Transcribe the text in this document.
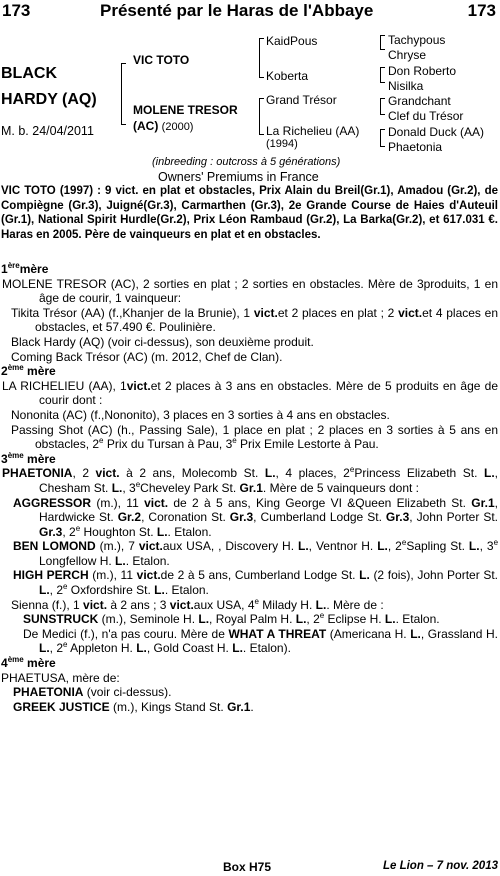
173	Présenté par le Haras de l'Abbaye	173
BLACK
HARDY (AQ)
M. b. 24/04/2011
VIC TOTO
MOLENE TRESOR
(AC) (2000)
KaidPous
Koberta
Grand Trésor
La Richelieu (AA)
(1994)
Tachypous
Chryse
Don Roberto
Nisilka
Grandchant
Clef du Trésor
Donald Duck (AA)
Phaetonia
(inbreeding : outcross à 5 générations)
Owners' Premiums in France
VIC TOTO (1997) : 9 vict. en plat et obstacles, Prix Alain du Breil(Gr.1), Amadou (Gr.2), de Compiègne (Gr.3), Juigné(Gr.3), Carmarthen (Gr.3), 2e Grande Course de Haies d'Auteuil (Gr.1), National Spirit Hurdle(Gr.2), Prix Léon Rambaud (Gr.2), La Barka(Gr.2), et 617.031 €. Haras en 2005. Père de vainqueurs en plat et en obstacles.

1èremère

MOLENE TRESOR (AC), 2 sorties en plat ; 2 sorties en obstacles. Mère de 3produits, 1 en âge de courir, 1 vainqueur:

Tikita Trésor (AA) (f.,Khanjer de la Brunie), 1 vict.et 2 places en plat ; 2 vict.et 4 places en obstacles, et 57.490 €. Poulinière.

Black Hardy (AQ) (voir ci-dessus), son deuxième produit.

Coming Back Trésor (AC) (m. 2012, Chef de Clan).

2ème mère

LA RICHELIEU (AA), 1vict.et 2 places à 3 ans en obstacles. Mère de 5 produits en âge de courir dont :

Nononita (AC) (f.,Nononito), 3 places en 3 sorties à 4 ans en obstacles.

Passing Shot (AC) (h., Passing Sale), 1 place en plat ; 2 places en 3 sorties à 5 ans en obstacles, 2e Prix du Tursan à Pau, 3e Prix Emile Lestorte à Pau.

3ème mère

PHAETONIA, 2 vict. à 2 ans, Molecomb St. L., 4 places, 2ePrincess Elizabeth St. L., Chesham St. L., 3eCheveley Park St. Gr.1. Mère de 5 vainqueurs dont :

AGGRESSOR (m.), 11 vict. de 2 à 5 ans, King George VI &Queen Elizabeth St. Gr.1, Hardwicke St. Gr.2, Coronation St. Gr.3, Cumberland Lodge St. Gr.3, John Porter St. Gr.3, 2e Houghton St. L.. Etalon.

BEN LOMOND (m.), 7 vict.aux USA, , Discovery H. L., Ventnor H. L., 2eSapling St. L., 3e Longfellow H. L.. Etalon.

HIGH PERCH (m.), 11 vict.de 2 à 5 ans, Cumberland Lodge St. L. (2 fois), John Porter St. L., 2e Oxfordshire St. L.. Etalon.

Sienna (f.), 1 vict. à 2 ans ; 3 vict.aux USA, 4e Milady H. L.. Mère de :

SUNSTRUCK (m.), Seminole H. L., Royal Palm H. L., 2e Eclipse H. L.. Etalon.

De Medici (f.), n'a pas couru. Mère de WHAT A THREAT (Americana H. L., Grassland H. L., 2e Appleton H. L., Gold Coast H. L.. Etalon).

4ème mère

PHAETUSA, mère de:

PHAETONIA (voir ci-dessus).

GREEK JUSTICE (m.), Kings Stand St. Gr.1.

Box H75	Le Lion – 7 nov. 2013
